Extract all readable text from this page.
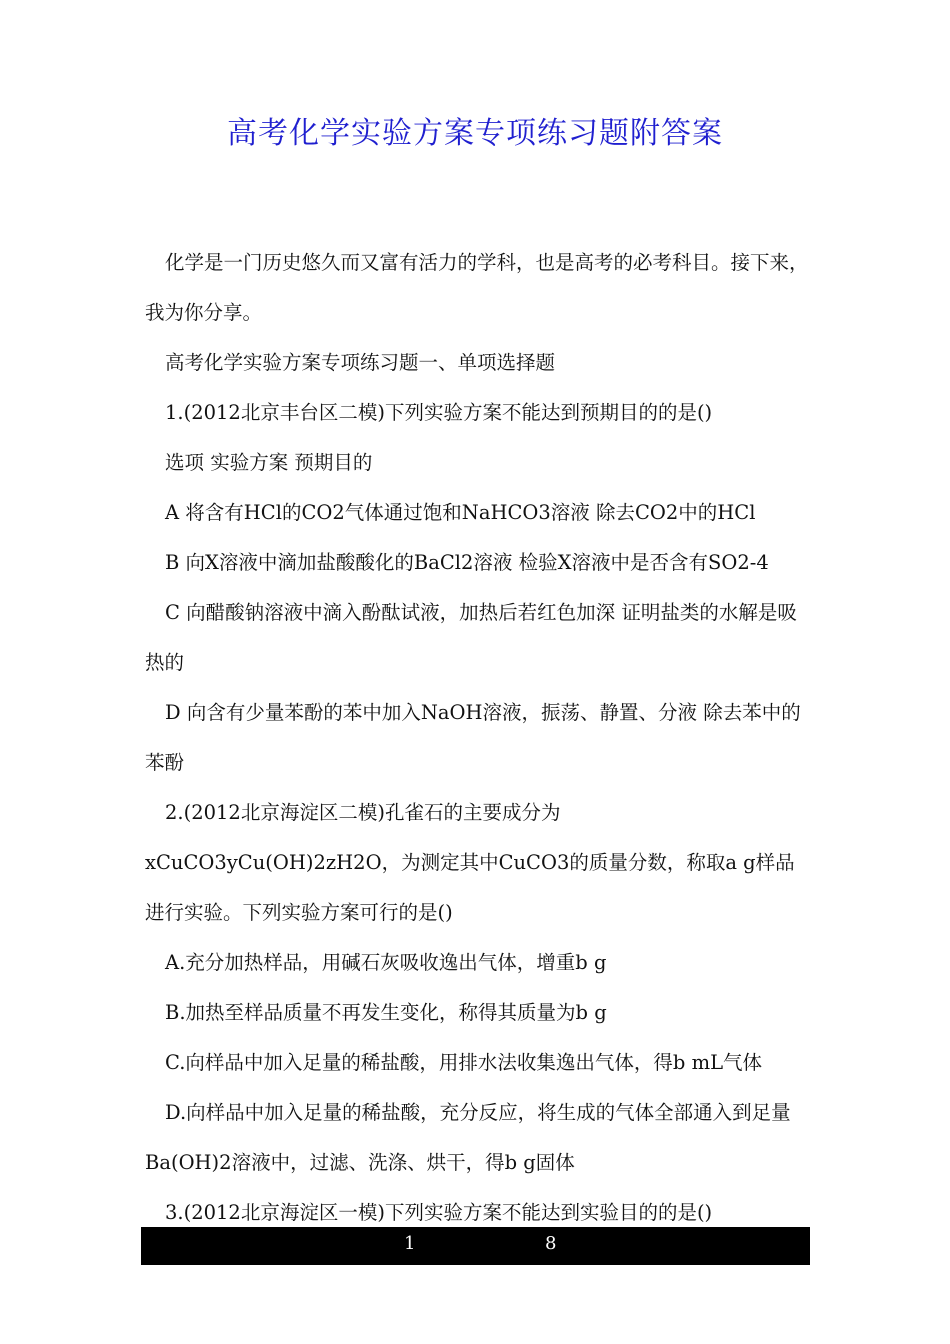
高考化学实验方案专项练习题附答案

化学是一门历史悠久而又富有活力的学科，也是高考的必考科目。接下来，我为你分享。

高考化学实验方案专项练习题一、单项选择题

1.(2012北京丰台区二模)下列实验方案不能达到预期目的的是()

选项 实验方案 预期目的

A 将含有HCl的CO2气体通过饱和NaHCO3溶液 除去CO2中的HCl

B 向X溶液中滴加盐酸酸化的BaCl2溶液 检验X溶液中是否含有SO2-4

C 向醋酸钠溶液中滴入酚酞试液，加热后若红色加深 证明盐类的水解是吸热的

D 向含有少量苯酚的苯中加入NaOH溶液，振荡、静置、分液 除去苯中的苯酚

2.(2012北京海淀区二模)孔雀石的主要成分为xCuCO3yCu(OH)2zH2O，为测定其中CuCO3的质量分数，称取a g样品进行实验。下列实验方案可行的是()

A.充分加热样品，用碱石灰吸收逸出气体，增重b g

B.加热至样品质量不再发生变化，称得其质量为b g

C.向样品中加入足量的稀盐酸，用排水法收集逸出气体，得b mL气体

D.向样品中加入足量的稀盐酸，充分反应，将生成的气体全部通入到足量Ba(OH)2溶液中，过滤、洗涤、烘干，得b g固体

3.(2012北京海淀区一模)下列实验方案不能达到实验目的的是()

1	8
